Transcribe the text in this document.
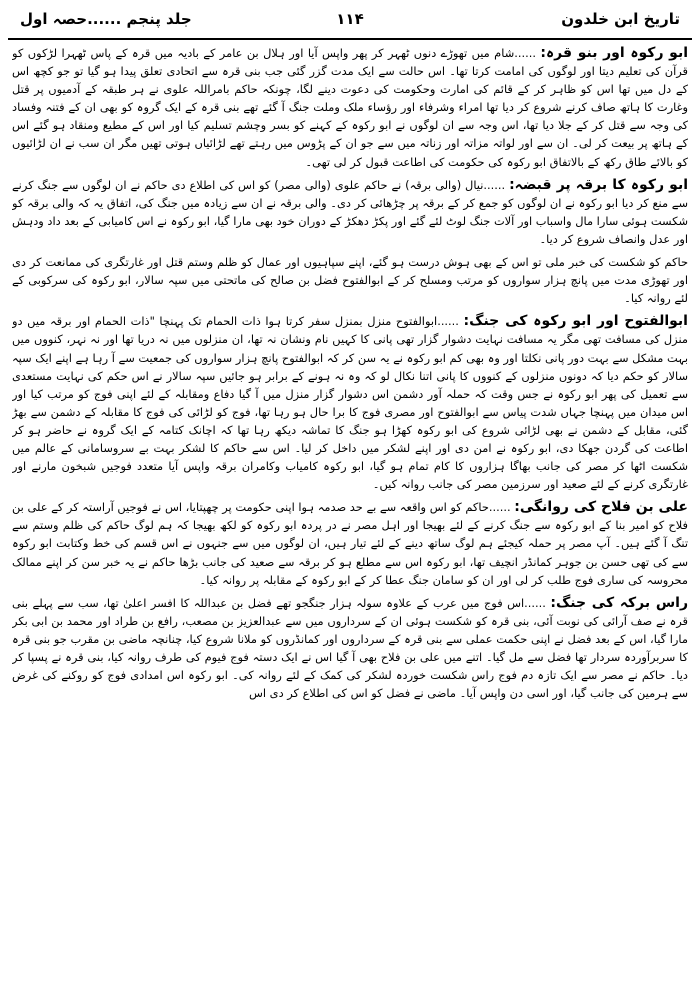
تاریخ ابن خلدون
۱۱۴
جلد پنجم ......حصہ اول

ابو رکوہ اور بنو قرہ: ......شام میں تھوڑے دنوں ٹھہر کر پھر واپس آیا اور ہلال بن عامر کے بادیہ میں قرہ کے پاس ٹھہرا لڑکوں کو قرآن کی تعلیم دیتا اور لوگوں کی امامت کرتا تھا۔ اس حالت سے ایک مدت گزر گئی جب بنی قرہ سے اتحادی تعلق پیدا ہو گیا تو جو کچھ اس کے دل میں تھا اس کو ظاہر کر کے قائم کی امارت وحکومت کی دعوت دینے لگا، چونکہ حاکم بامراللہ علوی نے ہر طبقہ کے آدمیوں پر قتل وغارت کا ہاتھ صاف کرنے شروع کر دیا تھا امراء وشرفاء اور رؤساء ملک وملت جنگ آ گئے تھے بنی قرہ کے ایک گروہ کو بھی ان کے فتنہ وفساد کی وجہ سے قتل کر کے جلا دیا تھا، اس وجہ سے ان لوگوں نے ابو رکوہ کے کہنے کو بسر وچشم تسلیم کیا اور اس کے مطیع ومنقاد ہو گئے اس کے ہاتھ پر بیعت کر لی۔ ان سے اور لواتہ مزاتہ اور زناتہ میں سے جو ان کے پڑوس میں رہتے تھے لڑائیاں ہوتی تھیں مگر ان سب نے ان لڑائیوں کو بالائے طاق رکھ کے بالاتفاق ابو رکوہ کی حکومت کی اطاعت قبول کر لی تھی۔

ابو رکوہ کا برقہ پر قبضہ: ......نیال (والی برقہ) نے حاکم علوی (والی مصر) کو اس کی اطلاع دی حاکم نے ان لوگوں سے جنگ کرنے سے منع کر دیا ابو رکوہ نے ان لوگوں کو جمع کر کے برقہ پر چڑھائی کر دی۔ والی برقہ نے ان سے زیادہ میں جنگ کی، اتفاق یہ کہ والی برقہ کو شکست ہوئی سارا مال واسباب اور آلات جنگ لوٹ لئے گئے اور پکڑ دھکڑ کے دوران خود بھی مارا گیا، ابو رکوہ نے اس کامیابی کے بعد داد ودہش اور عدل وانصاف شروع کر دیا۔

حاکم کو شکست کی خبر ملی تو اس کے بھی ہوش درست ہو گئے، اپنے سپاہیوں اور عمال کو ظلم وستم قتل اور غارتگری کی ممانعت کر دی اور تھوڑی مدت میں پانچ ہزار سواروں کو مرتب ومسلح کر کے ابوالفتوح فضل بن صالح کی ماتحتی میں سپہ سالار، ابو رکوہ کی سرکوبی کے لئے روانہ کیا۔

ابوالفتوح اور ابو رکوہ کی جنگ: ......ابوالفتوح منزل بمنزل سفر کرتا ہوا ذات الحمام تک پہنچا "ذات الحمام اور برقہ میں دو منزل کی مسافت تھی مگر یہ مسافت نہایت دشوار گزار تھی پانی کا کہیں نام ونشان نہ تھا، ان منزلوں میں نہ دریا تھا اور نہ نہر، کنووں میں بہت مشکل سے بہت دور پانی نکلتا اور وہ بھی کم ابو رکوہ نے یہ سن کر کہ ابوالفتوح پانچ ہزار سواروں کی جمعیت سے آ رہا ہے اپنے ایک سپہ سالار کو حکم دیا کہ دونوں منزلوں کے کنووں کا پانی اتنا نکال لو کہ وہ نہ ہونے کے برابر ہو جائیں سپہ سالار نے اس حکم کی نہایت مستعدی سے تعمیل کی پھر ابو رکوہ نے جس وقت کہ حملہ آور دشمن اس دشوار گزار منزل میں آ گیا دفاع ومقابلہ کے لئے اپنی فوج کو مرتب کیا اور اس میدان میں پہنچا جہاں شدت پیاس سے ابوالفتوح اور مصری فوج کا برا حال ہو رہا تھا، فوج کو لڑائی کی فوج کا مقابلہ کے دشمن سے بھڑ گئی، مقابل کے دشمن نے بھی لڑائی شروع کی ابو رکوہ کھڑا ہو جنگ کا تماشہ دیکھ رہا تھا کہ اچانک کتامہ کے ایک گروہ نے حاضر ہو کر اطاعت کی گردن جھکا دی، ابو رکوہ نے امن دی اور اپنے لشکر میں داخل کر لیا۔ اس سے حاکم کا لشکر بہت بے سروسامانی کے عالم میں شکست اٹھا کر مصر کی جانب بھاگا ہزاروں کا کام تمام ہو گیا، ابو رکوہ کامیاب وکامران برقہ واپس آیا متعدد فوجیں شبخون مارنے اور غارتگری کرنے کے لئے صعید اور سرزمین مصر کی جانب روانہ کیں۔

علی بن فلاح کی روانگی: ......حاکم کو اس واقعہ سے بے حد صدمہ ہوا اپنی حکومت پر چھپتایا، اس نے فوجیں آراستہ کر کے علی بن فلاح کو امیر بنا کے ابو رکوہ سے جنگ کرنے کے لئے بھیجا اور اہل مصر نے در پردہ ابو رکوہ کو لکھ بھیجا کہ ہم لوگ حاکم کی ظلم وستم سے تنگ آ گئے ہیں۔ آپ مصر پر حملہ کیجئے ہم لوگ ساتھ دینے کے لئے تیار ہیں، ان لوگوں میں سے جنہوں نے اس قسم کی خط وکتابت ابو رکوہ سے کی تھی حسن بن جوہر کمانڈر انچیف تھا، ابو رکوہ اس سے مطلع ہو کر برقہ سے صعید کی جانب بڑھا حاکم نے یہ خبر سن کر اپنے ممالک محروسہ کی ساری فوج طلب کر لی اور ان کو سامان جنگ عطا کر کے ابو رکوہ کے مقابلہ پر روانہ کیا۔

راس برکہ کی جنگ: ......اس فوج میں عرب کے علاوہ سولہ ہزار جنگجو تھے فضل بن عبداللہ کا افسر اعلیٰ تھا، سب سے پہلے بنی قرہ نے صف آرائی کی نوبت آئی، بنی قرہ کو شکست ہوئی ان کے سرداروں میں سے عبدالعزیز بن مصعب، رافع بن طراد اور محمد بن ابی بکر مارا گیا، اس کے بعد فضل نے اپنی حکمت عملی سے بنی قرہ کے سرداروں اور کمانڈروں کو ملانا شروع کیا، چنانچہ ماضی بن مقرب جو بنی قرہ کا سربرآوردہ سردار تھا فضل سے مل گیا۔ اتنے میں علی بن فلاح بھی آ گیا اس نے ایک دستہ فوج فیوم کی طرف روانہ کیا، بنی قرہ نے پسپا کر دیا۔ حاکم نے مصر سے ایک تازہ دم فوج راس شکست خوردہ لشکر کی کمک کے لئے روانہ کی۔ ابو رکوہ اس امدادی فوج کو روکنے کی غرض سے ہرمین کی جانب گیا، اور اسی دن واپس آیا۔ ماضی نے فضل کو اس کی اطلاع کر دی اس
